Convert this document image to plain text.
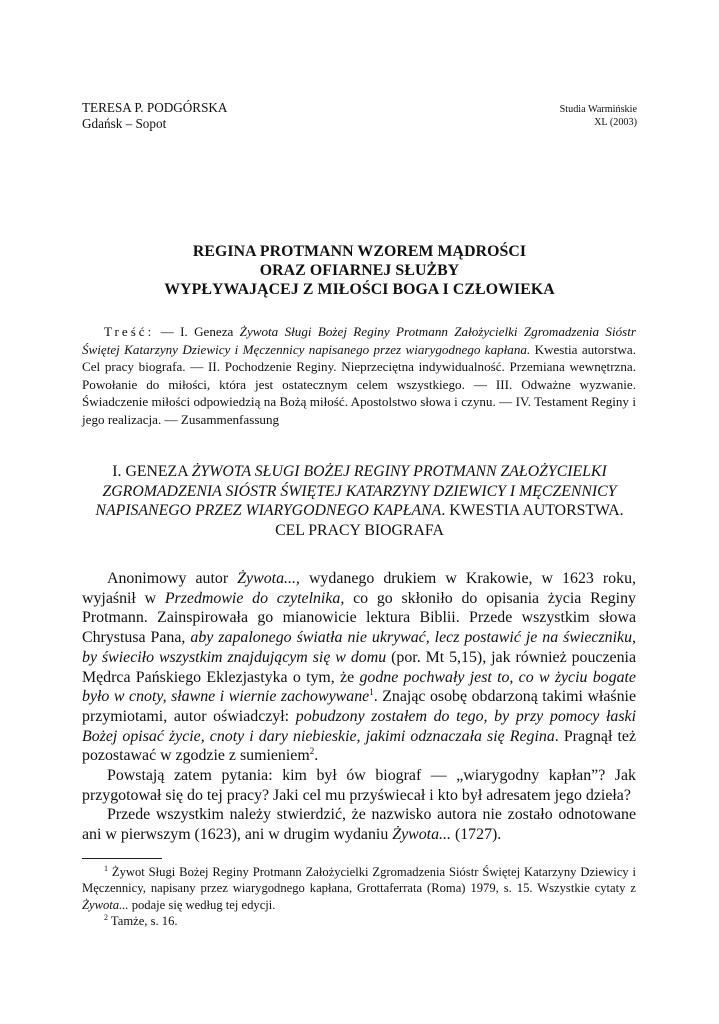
TERESA P. PODGÓRSKA
Gdańsk – Sopot
Studia Warmińskie
XL (2003)
REGINA PROTMANN WZOREM MĄDROŚCI
ORAZ OFIARNEJ SŁUŻBY
WYPŁYWAJĄCEJ Z MIŁOŚCI BOGA I CZŁOWIEKA
Treść: — I. Geneza Żywota Sługi Bożej Reginy Protmann Założycielki Zgromadzenia Sióstr Świętej Katarzyny Dziewicy i Męczennicy napisanego przez wiarygodnego kapłana. Kwestia autorstwa. Cel pracy biografa. — II. Pochodzenie Reginy. Nieprzeciętna indywidualność. Przemiana wewnętrzna. Powołanie do miłości, która jest ostatecznym celem wszystkiego. — III. Odważne wyzwanie. Świadczenie miłości odpowiedzią na Bożą miłość. Apostolstwo słowa i czynu. — IV. Testament Reginy i jego realizacja. — Zusammenfassung
I. GENEZA ŻYWOTA SŁUGI BOŻEJ REGINY PROTMANN ZAŁOŻYCIELKI ZGROMADZENIA SIÓSTR ŚWIĘTEJ KATARZYNY DZIEWICY I MĘCZENNICY NAPISANEGO PRZEZ WIARYGODNEGO KAPŁANA. KWESTIA AUTORSTWA. CEL PRACY BIOGRAFA

Anonimowy autor Żywota..., wydanego drukiem w Krakowie, w 1623 roku, wyjaśnił w Przedmowie do czytelnika, co go skłoniło do opisania życia Reginy Protmann. Zainspirowała go mianowicie lektura Biblii. Przede wszystkim słowa Chrystusa Pana, aby zapalonego światła nie ukrywać, lecz postawić je na świeczniku, by świeciło wszystkim znajdującym się w domu (por. Mt 5,15), jak również pouczenia Mędrca Pańskiego Eklezjastyka o tym, że godne pochwały jest to, co w życiu bogate było w cnoty, sławne i wiernie zachowywane$^1$. Znając osobę obdarzoną takimi właśnie przymiotami, autor oświadczył: pobudzony zostałem do tego, by przy pomocy łaski Bożej opisać życie, cnoty i dary niebieskie, jakimi odznaczała się Regina. Pragnął też pozostawać w zgodzie z sumieniem$^2$.

Powstają zatem pytania: kim był ów biograf — „wiarygodny kapłan”? Jak przygotował się do tej pracy? Jaki cel mu przyświecał i kto był adresatem jego dzieła?

Przede wszystkim należy stwierdzić, że nazwisko autora nie zostało odnotowane ani w pierwszym (1623), ani w drugim wydaniu Żywota... (1727).

$^1$ Żywot Sługi Bożej Reginy Protmann Założycielki Zgromadzenia Sióstr Świętej Katarzyny Dziewicy i Męczennicy, napisany przez wiarygodnego kapłana, Grottaferrata (Roma) 1979, s. 15. Wszystkie cytaty z Żywota... podaje się według tej edycji.

$^2$ Tamże, s. 16.
